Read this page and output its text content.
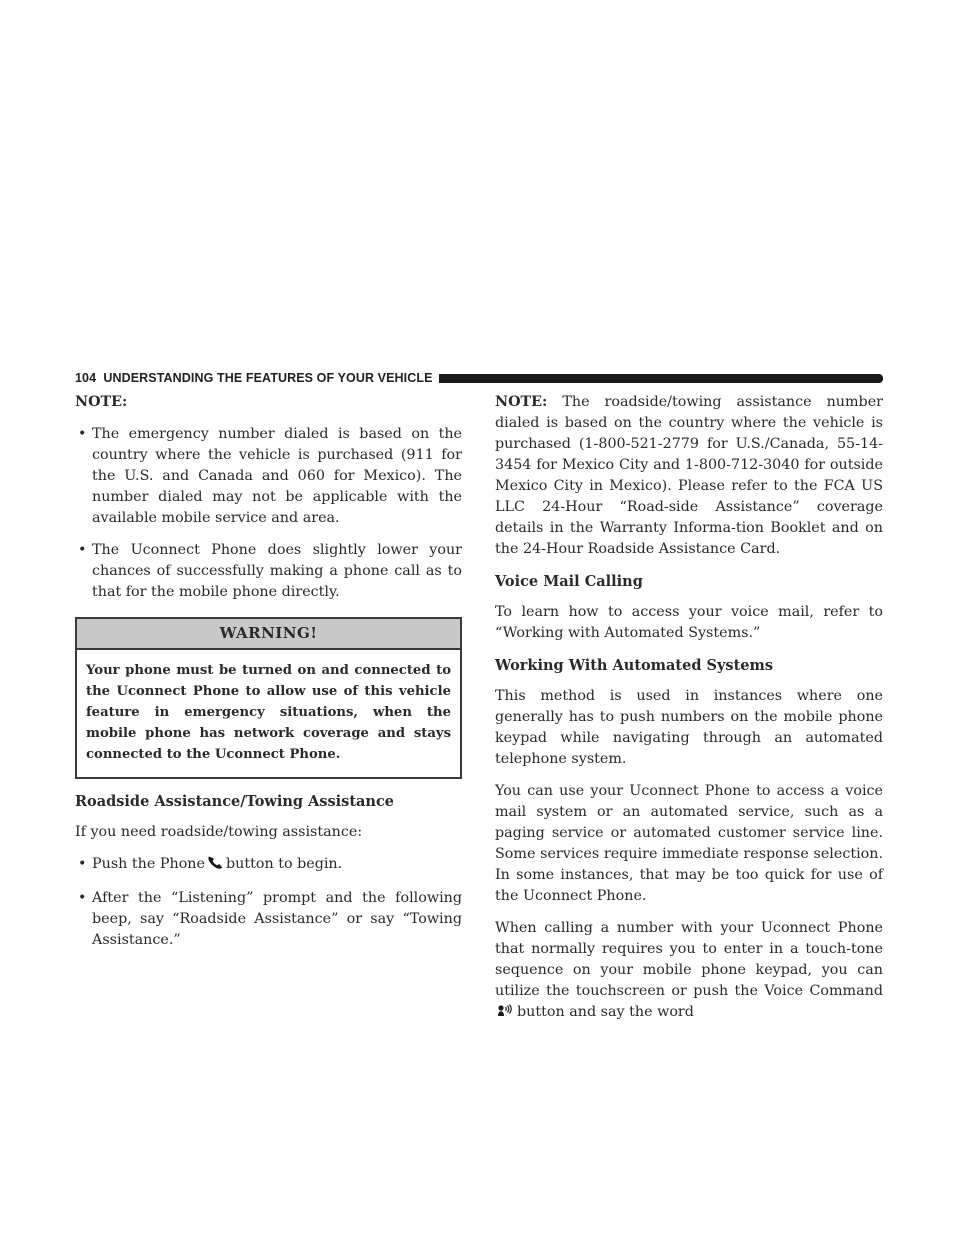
104 UNDERSTANDING THE FEATURES OF YOUR VEHICLE

NOTE:

• The emergency number dialed is based on the country where the vehicle is purchased (911 for the U.S. and Canada and 060 for Mexico). The number dialed may not be applicable with the available mobile service and area.
• The Uconnect Phone does slightly lower your chances of successfully making a phone call as to that for the mobile phone directly.
WARNING!
Your phone must be turned on and connected to the Uconnect Phone to allow use of this vehicle feature in emergency situations, when the mobile phone has network coverage and stays connected to the Uconnect Phone.
Roadside Assistance/Towing Assistance

If you need roadside/towing assistance:

• Push the Phone button to begin.
• After the “Listening” prompt and the following beep, say “Roadside Assistance” or say “Towing Assistance.”

NOTE: The roadside/towing assistance number dialed is based on the country where the vehicle is purchased (1-800-521-2779 for U.S./Canada, 55-14-3454 for Mexico City and 1-800-712-3040 for outside Mexico City in Mexico). Please refer to the FCA US LLC 24-Hour “Road-side Assistance” coverage details in the Warranty Informa-tion Booklet and on the 24-Hour Roadside Assistance Card.

Voice Mail Calling

To learn how to access your voice mail, refer to “Working with Automated Systems.”

Working With Automated Systems

This method is used in instances where one generally has to push numbers on the mobile phone keypad while navigating through an automated telephone system.

You can use your Uconnect Phone to access a voice mail system or an automated service, such as a paging service or automated customer service line. Some services require immediate response selection. In some instances, that may be too quick for use of the Uconnect Phone.

When calling a number with your Uconnect Phone that normally requires you to enter in a touch-tone sequence on your mobile phone keypad, you can utilize the touchscreen or push the Voice Commandbutton and say the word
